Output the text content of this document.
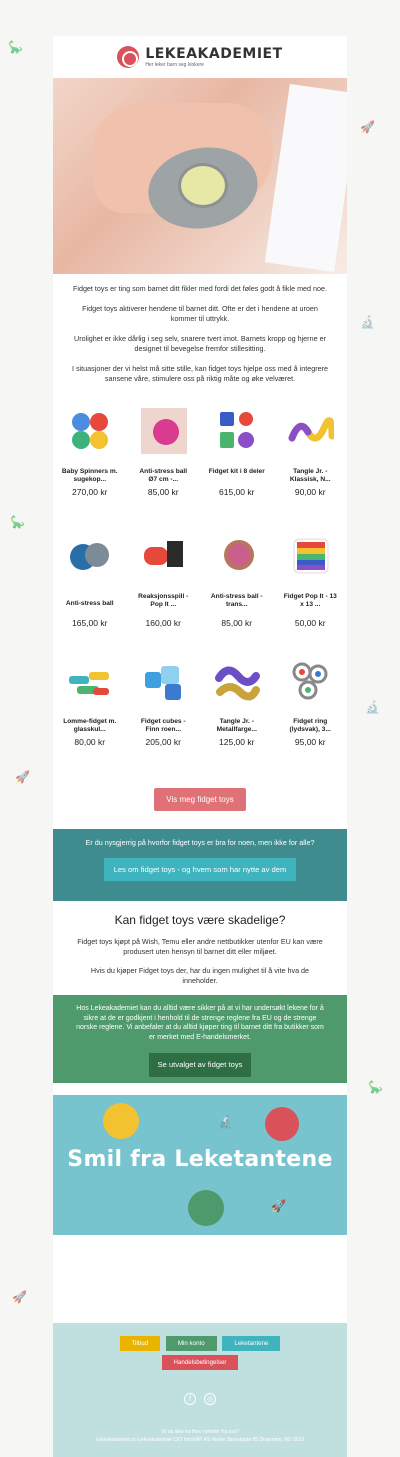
🦕
🚀
🔬
🦕
🚀
🔬
🦕
🚀
LEKEAKADEMIET
Her leker barn seg klokere

Fidget toys er ting som barnet ditt fikler med fordi det føles godt å fikle med noe.

Fidget toys aktiverer hendene til barnet ditt. Ofte er det i hendene at uroen kommer til uttrykk.

Urolighet er ikke dårlig i seg selv, snarere tvert imot. Barnets kropp og hjerne er designet til bevegelse fremfor stillesitting.

I situasjoner der vi helst må sitte stille, kan fidget toys hjelpe oss med å integrere sansene våre, stimulere oss på riktig måte og øke velværet.

Baby Spinners m. sugekop...
270,00 kr
Anti-stress ball Ø7 cm -...
85,00 kr
Fidget kit i 8 deler
615,00 kr
Tangle Jr. - Klassisk, N...
90,00 kr
Anti-stress ball
165,00 kr
Reaksjonsspill - Pop It ...
160,00 kr
Anti-stress ball - trans...
85,00 kr
Fidget Pop It - 13 x 13 ...
50,00 kr
Lomme-fidget m. glasskul...
80,00 kr
Fidget cubes - Finn roen...
205,00 kr
Tangle Jr. - Metallfarge...
125,00 kr
Fidget ring (lydsvak), 3...
95,00 kr
Vis meg fidget toys
Er du nysgjerrig på hvorfor fidget toys er bra for noen, men ikke for alle?
Les om fidget toys - og hvem som har nytte av dem
Kan fidget toys være skadelige?

Fidget toys kjøpt på Wish, Temu eller andre nettbutikker utenfor EU kan være produsert uten hensyn til barnet ditt eller miljøet.

Hvis du kjøper Fidget toys der, har du ingen mulighet til å vite hva de inneholder.

Hos Lekeakademiet kan du alltid være sikker på at vi har undersøkt lekene for å sikre at de er godkjent i henhold til de strenge reglene fra EU og de strenge norske reglene. Vi anbefaler at du alltid kjøper ting til barnet ditt fra butikker som er merket med E-handelsmerket.
Se utvalget av fidget toys
🔬
🚀
Smil fra Leketantene
Tilbud	Min konto	Leketantene
Handelsbetingelser
f	◎
Vil du ikke ha flere nyheter fra oss?
Lekeakademiet.no Lekeakademiet C/O IntraVAT AS Nedre Strandgate 85 Drammen, NO 3012
